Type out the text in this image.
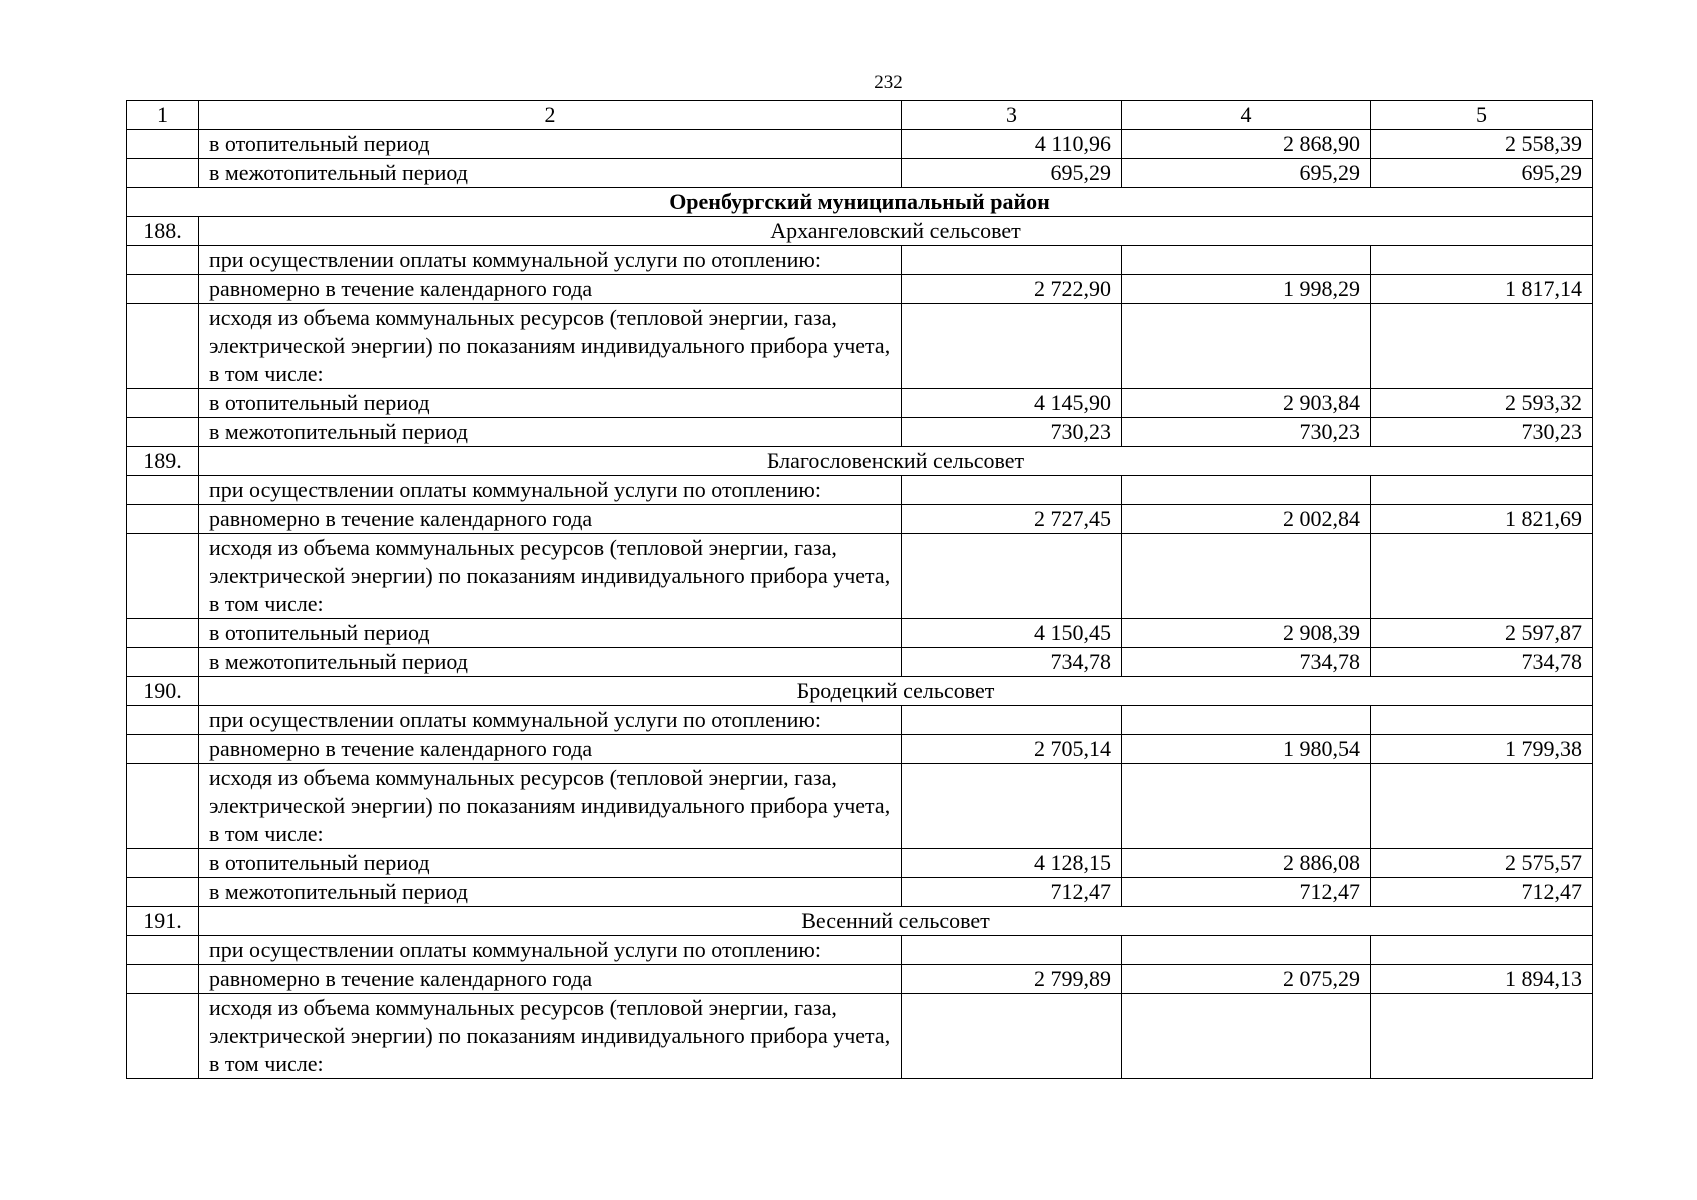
232
1	2	3	4	5
	в отопительный период	4 110,96	2 868,90	2 558,39
	в межотопительный период	695,29	695,29	695,29
Оренбургский муниципальный район				
188.	Архангеловский сельсовет			
	при осуществлении оплаты коммунальной услуги по отоплению:			
	равномерно в течение календарного года	2 722,90	1 998,29	1 817,14
	исходя из объема коммунальных ресурсов (тепловой энергии, газа, электрической энергии) по показаниям индивидуального прибора учета, в том числе:			
	в отопительный период	4 145,90	2 903,84	2 593,32
	в межотопительный период	730,23	730,23	730,23
189.	Благословенский сельсовет			
	при осуществлении оплаты коммунальной услуги по отоплению:			
	равномерно в течение календарного года	2 727,45	2 002,84	1 821,69
	исходя из объема коммунальных ресурсов (тепловой энергии, газа, электрической энергии) по показаниям индивидуального прибора учета, в том числе:			
	в отопительный период	4 150,45	2 908,39	2 597,87
	в межотопительный период	734,78	734,78	734,78
190.	Бродецкий сельсовет			
	при осуществлении оплаты коммунальной услуги по отоплению:			
	равномерно в течение календарного года	2 705,14	1 980,54	1 799,38
	исходя из объема коммунальных ресурсов (тепловой энергии, газа, электрической энергии) по показаниям индивидуального прибора учета, в том числе:			
	в отопительный период	4 128,15	2 886,08	2 575,57
	в межотопительный период	712,47	712,47	712,47
191.	Весенний сельсовет			
	при осуществлении оплаты коммунальной услуги по отоплению:			
	равномерно в течение календарного года	2 799,89	2 075,29	1 894,13
	исходя из объема коммунальных ресурсов (тепловой энергии, газа, электрической энергии) по показаниям индивидуального прибора учета, в том числе:			
